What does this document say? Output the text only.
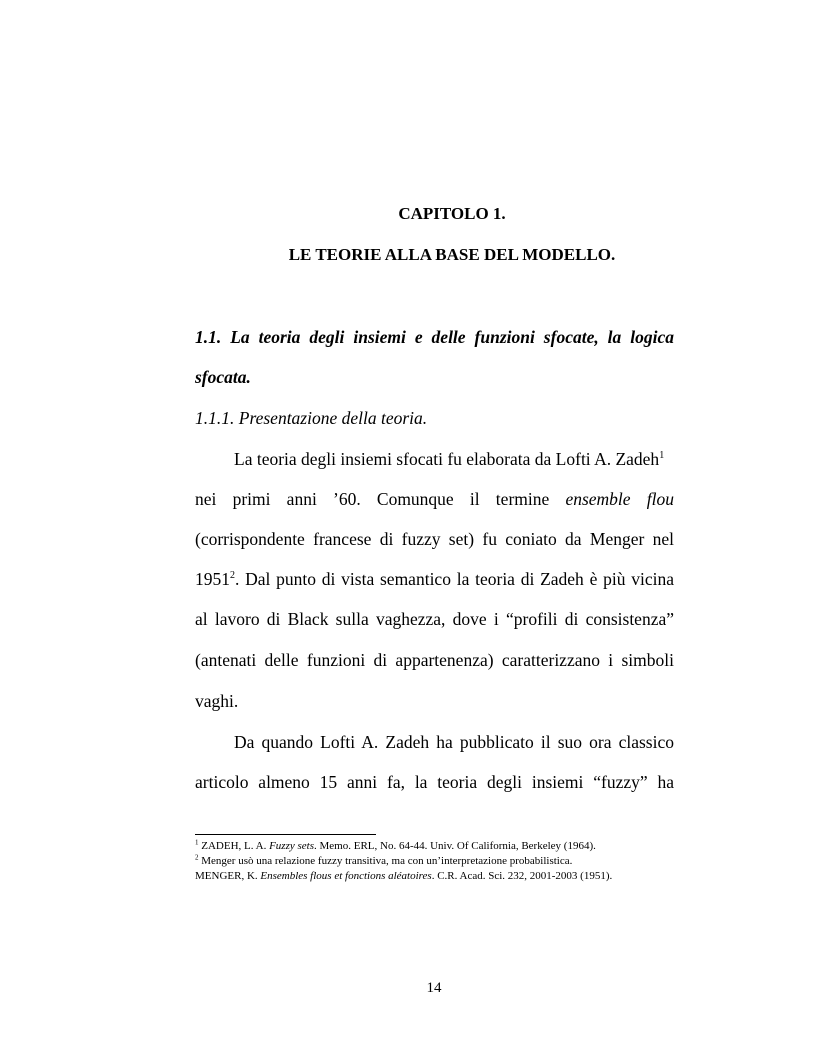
CAPITOLO 1.
LE TEORIE ALLA BASE DEL MODELLO.
1.1. La teoria degli insiemi e delle funzioni sfocate, la logica
sfocata.
1.1.1. Presentazione della teoria.
La teoria degli insiemi sfocati fu elaborata da Lofti A. Zadeh$^1$
nei primi anni ’60. Comunque il termine ensemble flou
(corrispondente francese di fuzzy set) fu coniato da Menger nel
1951$^2$. Dal punto di vista semantico la teoria di Zadeh è più vicina
al lavoro di Black sulla vaghezza, dove i “profili di consistenza”
(antenati delle funzioni di appartenenza) caratterizzano i simboli
vaghi.
Da quando Lofti A. Zadeh ha pubblicato il suo ora classico
articolo almeno 15 anni fa, la teoria degli insiemi “fuzzy” ha
$^1$ ZADEH, L. A. Fuzzy sets. Memo. ERL, No. 64-44. Univ. Of California, Berkeley (1964).
$^2$ Menger usò una relazione fuzzy transitiva, ma con un’interpretazione probabilistica.
MENGER, K. Ensembles flous et fonctions aléatoires. C.R. Acad. Sci. 232, 2001-2003 (1951).
14
